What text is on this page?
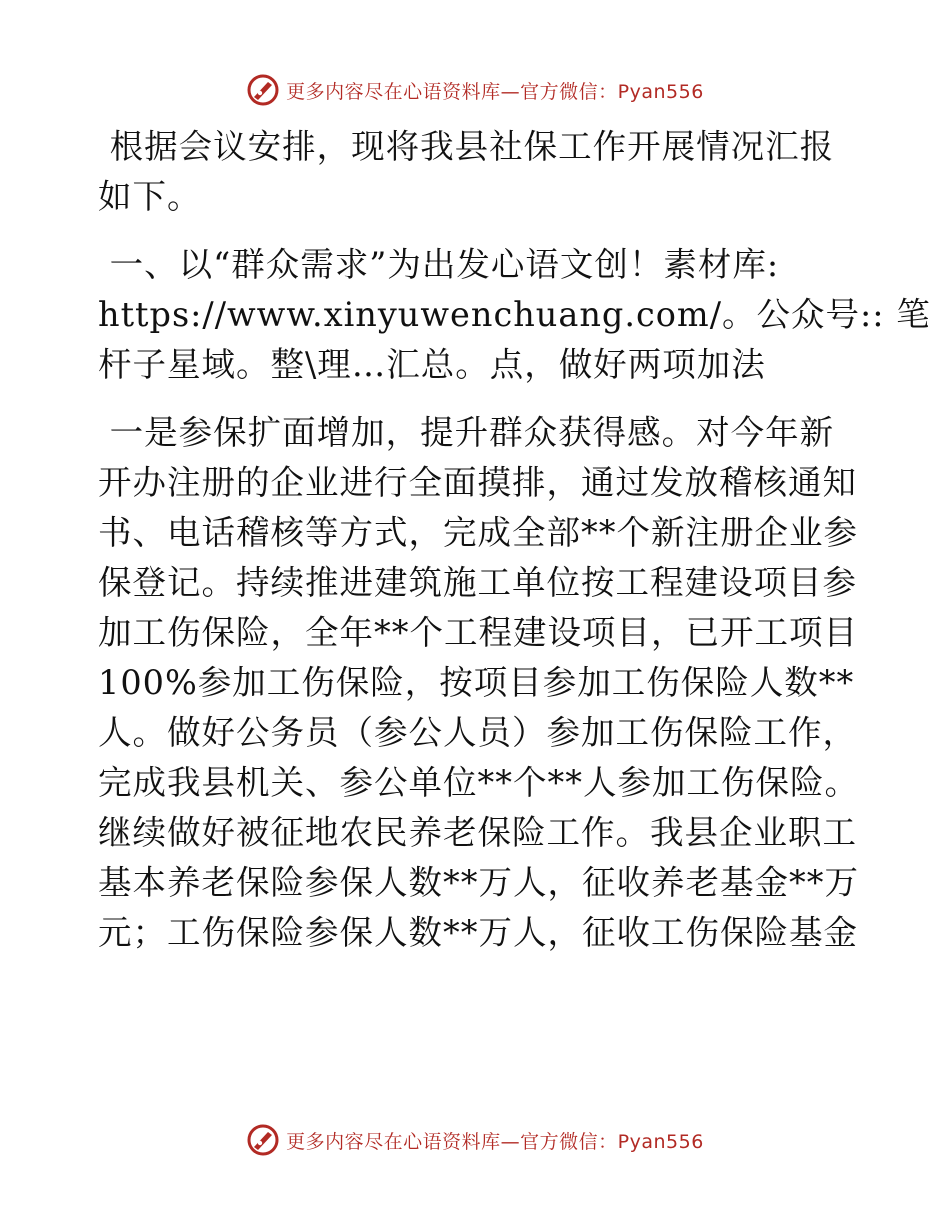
更多内容尽在心语资料库—官方微信：Pyan556
根据会议安排，现将我县社保工作开展情况汇报
如下。
一、以“群众需求”为出发心语文创！素材库:
https://www.xinyuwenchuang.com/。公众号:: 笔
杆子星域。整\理…汇总。点，做好两项加法
一是参保扩面增加，提升群众获得感。对今年新
开办注册的企业进行全面摸排，通过发放稽核通知
书、电话稽核等方式，完成全部**个新注册企业参
保登记。持续推进建筑施工单位按工程建设项目参
加工伤保险，全年**个工程建设项目，已开工项目
100%参加工伤保险，按项目参加工伤保险人数**
人。做好公务员（参公人员）参加工伤保险工作，
完成我县机关、参公单位**个**人参加工伤保险。
继续做好被征地农民养老保险工作。我县企业职工
基本养老保险参保人数**万人，征收养老基金**万
元；工伤保险参保人数**万人，征收工伤保险基金
更多内容尽在心语资料库—官方微信：Pyan556
